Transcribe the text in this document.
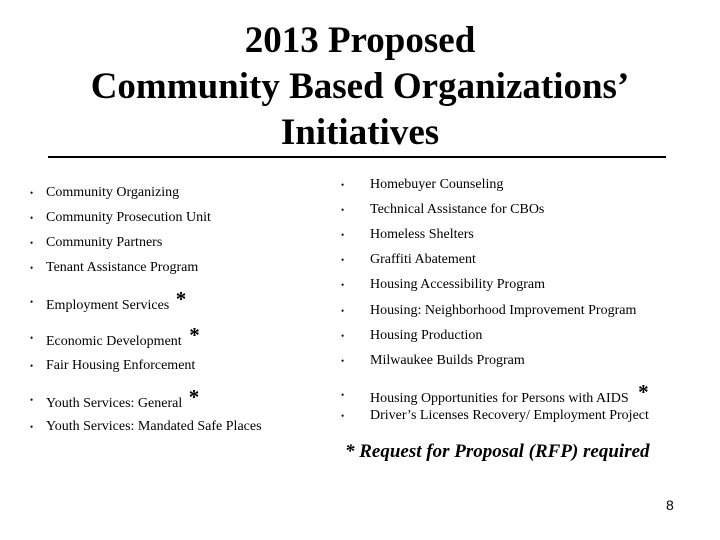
2013 Proposed
Community Based Organizations’
Initiatives
• Community Organizing
• Community Prosecution Unit
• Community Partners
• Tenant Assistance Program
• Employment Services *
• Economic Development *
• Fair Housing Enforcement
• Youth Services: General *
• Youth Services: Mandated Safe Places
• Homebuyer Counseling
• Technical Assistance for CBOs
• Homeless Shelters
• Graffiti Abatement
• Housing Accessibility Program
• Housing: Neighborhood Improvement Program
• Housing Production
• Milwaukee Builds Program
• Housing Opportunities for Persons with AIDS *
• Driver’s Licenses Recovery/ Employment Project
* Request for Proposal (RFP) required
8
